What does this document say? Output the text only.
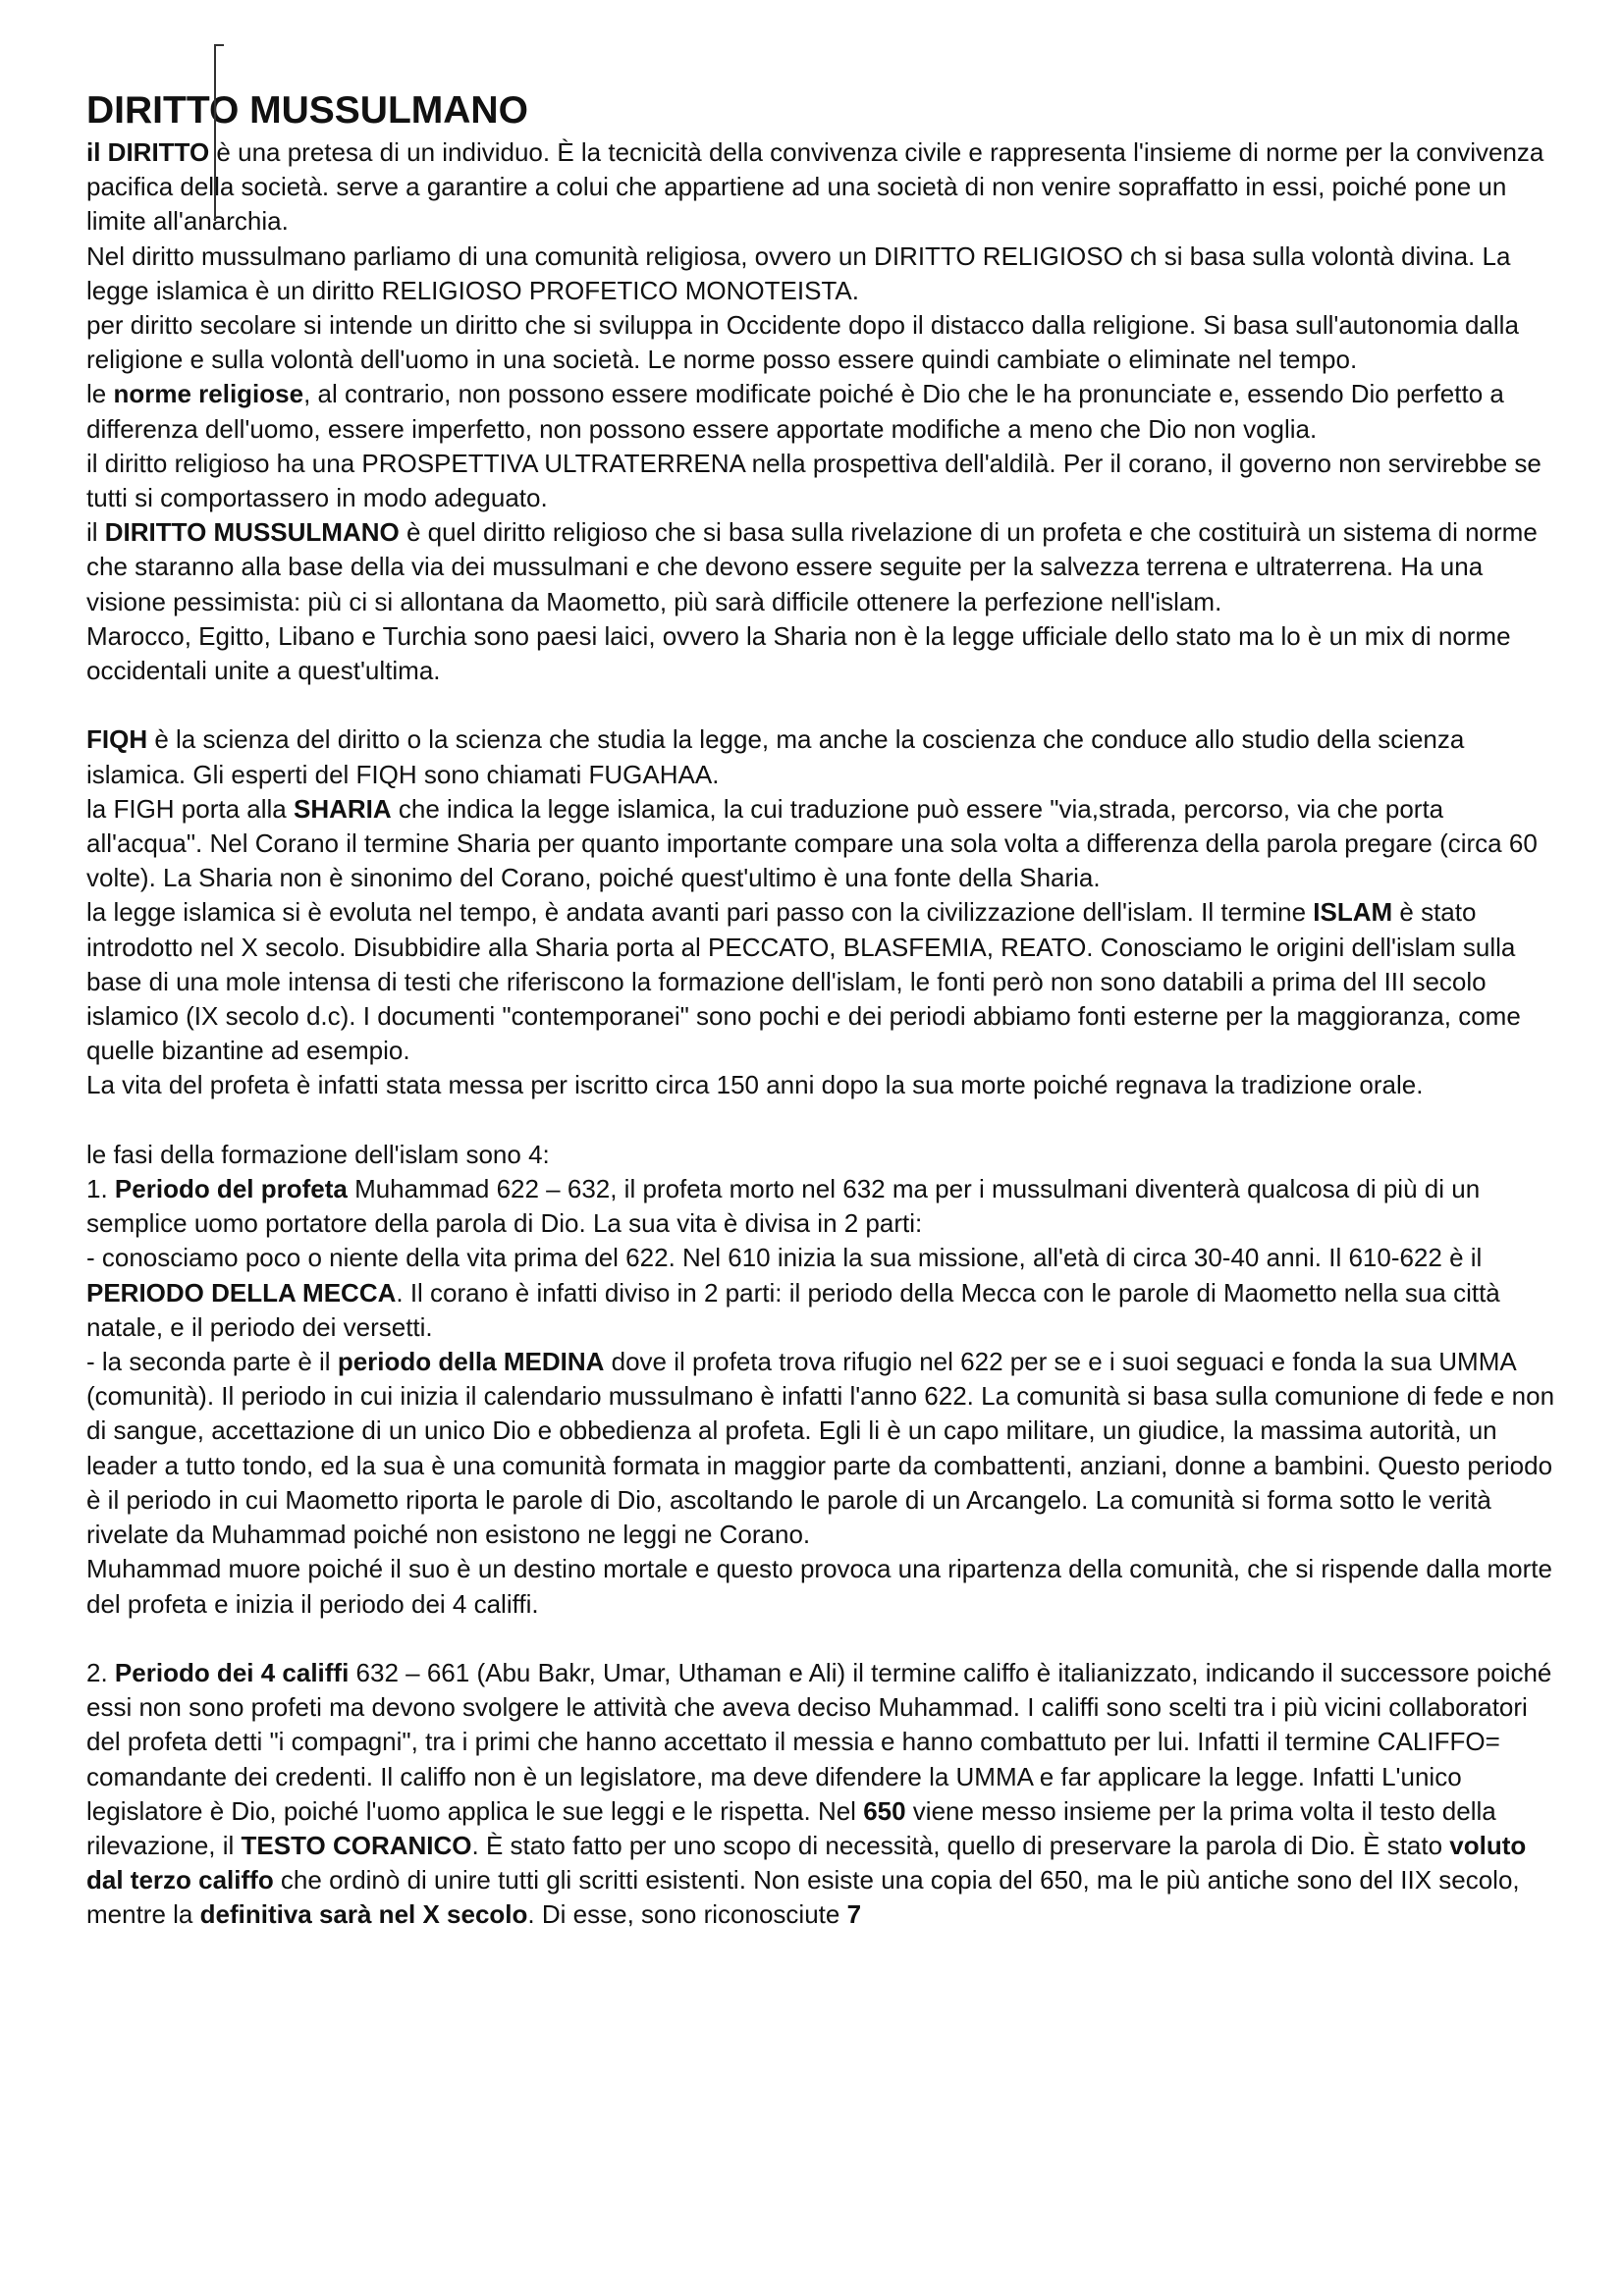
DIRITTO MUSSULMANO
il DIRITTO è una pretesa di un individuo. È la tecnicità della convivenza civile e rappresenta l'insieme di norme per la convivenza pacifica della società. serve a garantire a colui che appartiene ad una società di non venire sopraffatto in essi, poiché pone un limite all'anarchia.
Nel diritto mussulmano parliamo di una comunità religiosa, ovvero un DIRITTO RELIGIOSO ch si basa sulla volontà divina. La legge islamica è un diritto RELIGIOSO PROFETICO MONOTEISTA.
per diritto secolare si intende un diritto che si sviluppa in Occidente dopo il distacco dalla religione. Si basa sull'autonomia dalla religione e sulla volontà dell'uomo in una società. Le norme posso essere quindi cambiate o eliminate nel tempo.
le norme religiose, al contrario, non possono essere modificate poiché è Dio che le ha pronunciate e, essendo Dio perfetto a differenza dell'uomo, essere imperfetto, non possono essere apportate modifiche a meno che Dio non voglia.
il diritto religioso ha una PROSPETTIVA ULTRATERRENA nella prospettiva dell'aldilà. Per il corano, il governo non servirebbe se tutti si comportassero in modo adeguato.
il DIRITTO MUSSULMANO è quel diritto religioso che si basa sulla rivelazione di un profeta e che costituirà un sistema di norme che staranno alla base della via dei mussulmani e che devono essere seguite per la salvezza terrena e ultraterrena. Ha una visione pessimista: più ci si allontana da Maometto, più sarà difficile ottenere la perfezione nell'islam.
Marocco, Egitto, Libano e Turchia sono paesi laici, ovvero la Sharia non è la legge ufficiale dello stato ma lo è un mix di norme occidentali unite a quest'ultima.
FIQH è la scienza del diritto o la scienza che studia la legge, ma anche la coscienza che conduce allo studio della scienza islamica. Gli esperti del FIQH sono chiamati FUGAHAA.
la FIGH porta alla SHARIA che indica la legge islamica, la cui traduzione può essere "via,strada, percorso, via che porta all'acqua". Nel Corano il termine Sharia per quanto importante compare una sola volta a differenza della parola pregare (circa 60 volte). La Sharia non è sinonimo del Corano, poiché quest'ultimo è una fonte della Sharia.
la legge islamica si è evoluta nel tempo, è andata avanti pari passo con la civilizzazione dell'islam. Il termine ISLAM è stato introdotto nel X secolo. Disubbidire alla Sharia porta al PECCATO, BLASFEMIA, REATO. Conosciamo le origini dell'islam sulla base di una mole intensa di testi che riferiscono la formazione dell'islam, le fonti però non sono databili a prima del III secolo islamico (IX secolo d.c). I documenti "contemporanei" sono pochi e dei periodi abbiamo fonti esterne per la maggioranza, come quelle bizantine ad esempio.
La vita del profeta è infatti stata messa per iscritto circa 150 anni dopo la sua morte poiché regnava la tradizione orale.
le fasi della formazione dell'islam sono 4:
1. Periodo del profeta Muhammad 622 – 632, il profeta morto nel 632 ma per i mussulmani diventerà qualcosa di più di un semplice uomo portatore della parola di Dio. La sua vita è divisa in 2 parti:
- conosciamo poco o niente della vita prima del 622. Nel 610 inizia la sua missione, all'età di circa 30-40 anni. Il 610-622 è il PERIODO DELLA MECCA. Il corano è infatti diviso in 2 parti: il periodo della Mecca con le parole di Maometto nella sua città natale, e il periodo dei versetti.
- la seconda parte è il periodo della MEDINA dove il profeta trova rifugio nel 622 per se e i suoi seguaci e fonda la sua UMMA (comunità). Il periodo in cui inizia il calendario mussulmano è infatti l'anno 622. La comunità si basa sulla comunione di fede e non di sangue, accettazione di un unico Dio e obbedienza al profeta. Egli li è un capo militare, un giudice, la massima autorità, un leader a tutto tondo, ed la sua è una comunità formata in maggior parte da combattenti, anziani, donne a bambini. Questo periodo è il periodo in cui Maometto riporta le parole di Dio, ascoltando le parole di un Arcangelo. La comunità si forma sotto le verità rivelate da Muhammad poiché non esistono ne leggi ne Corano.
Muhammad muore poiché il suo è un destino mortale e questo provoca una ripartenza della comunità, che si rispende dalla morte del profeta e inizia il periodo dei 4 califfi.
2. Periodo dei 4 califfi 632 – 661 (Abu Bakr, Umar, Uthaman e Ali) il termine califfo è italianizzato, indicando il successore poiché essi non sono profeti ma devono svolgere le attività che aveva deciso Muhammad. I califfi sono scelti tra i più vicini collaboratori del profeta detti "i compagni", tra i primi che hanno accettato il messia e hanno combattuto per lui. Infatti il termine CALIFFO= comandante dei credenti. Il califfo non è un legislatore, ma deve difendere la UMMA e far applicare la legge. Infatti L'unico legislatore è Dio, poiché l'uomo applica le sue leggi e le rispetta. Nel 650 viene messo insieme per la prima volta il testo della rilevazione, il TESTO CORANICO. È stato fatto per uno scopo di necessità, quello di preservare la parola di Dio. È stato voluto dal terzo califfo che ordinò di unire tutti gli scritti esistenti. Non esiste una copia del 650, ma le più antiche sono del IIX secolo, mentre la definitiva sarà nel X secolo. Di esse, sono riconosciute 7
